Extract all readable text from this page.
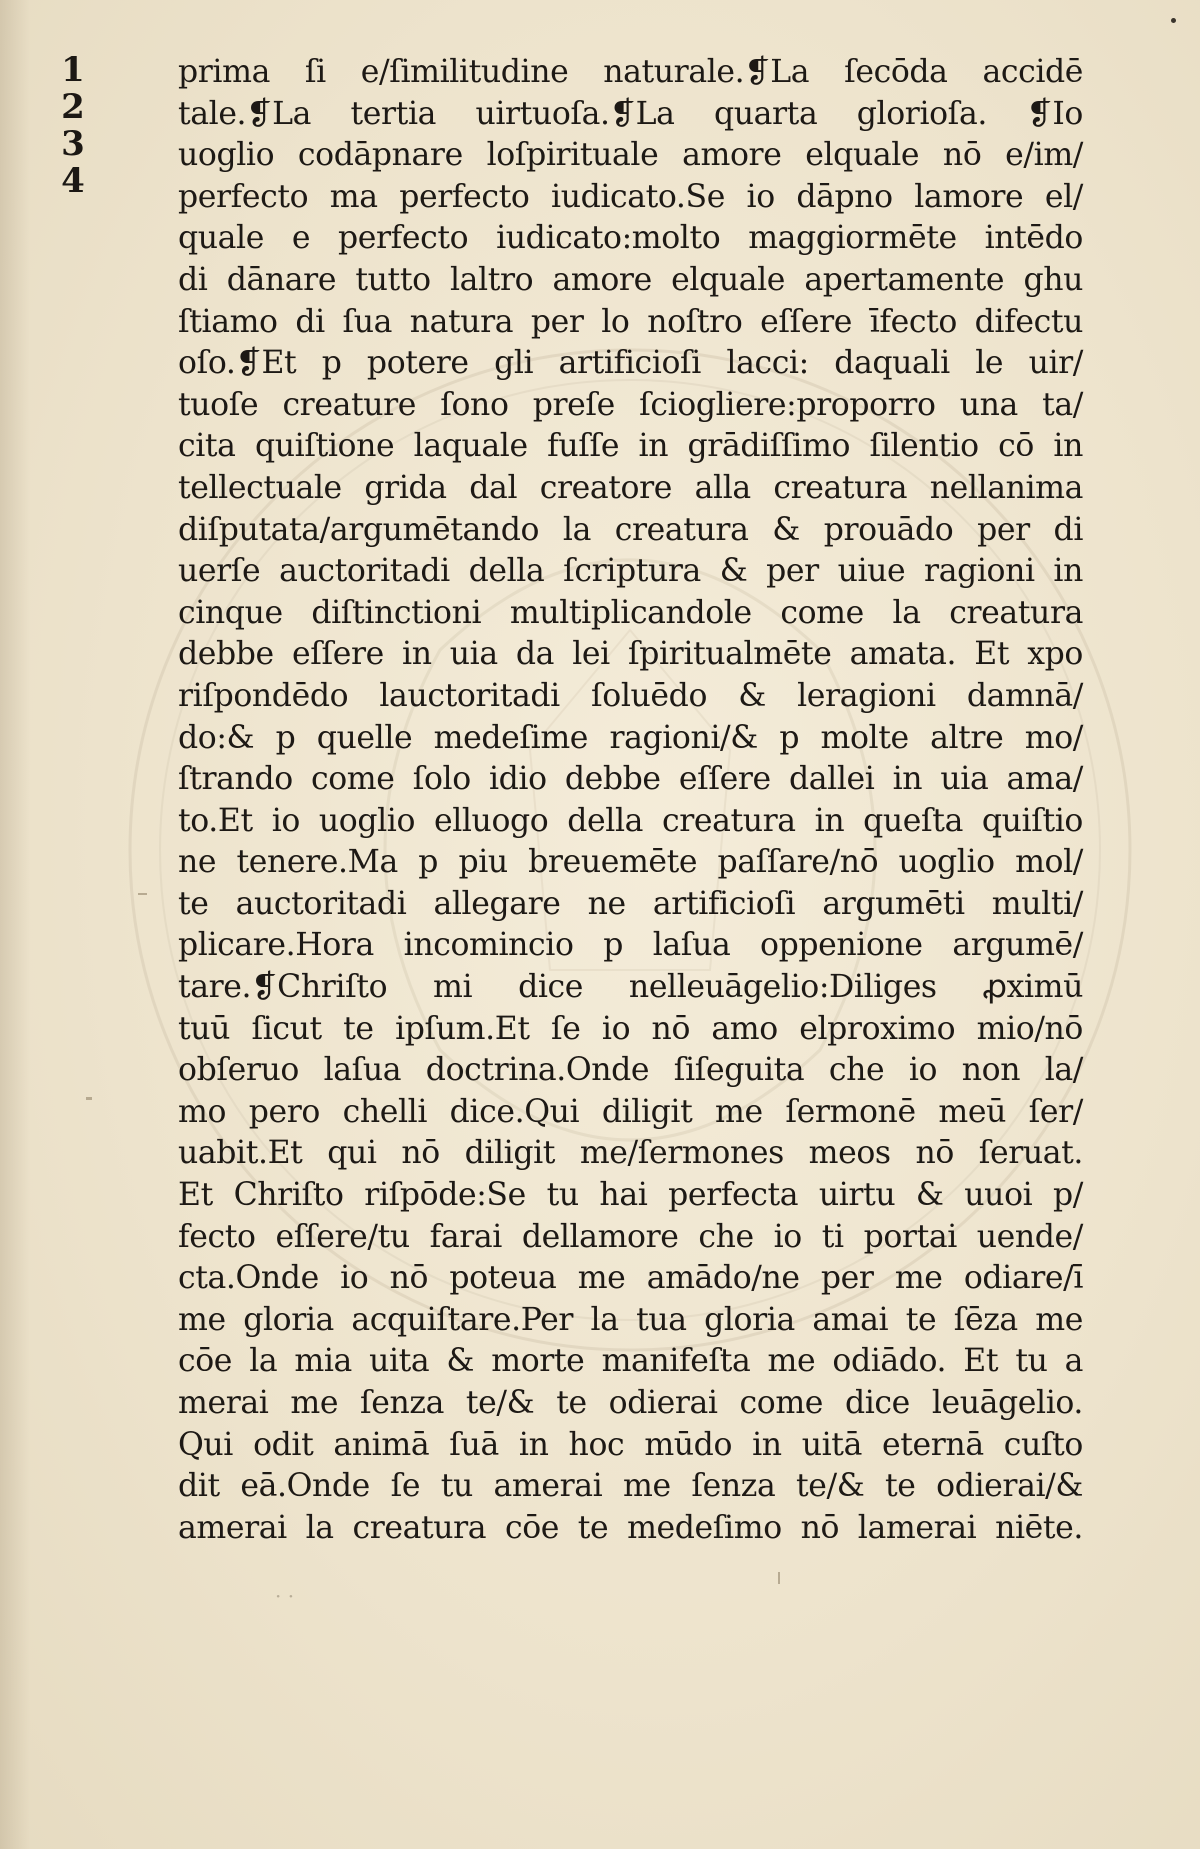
· ·
1
2
3
4
prima ſi e/ſimilitudine naturale.❡La ſecōda accidē
tale.❡La tertia uirtuoſa.❡La quarta glorioſa. ❡Io
uoglio codāpnare loſpirituale amore elquale nō e/im/
perfecto ma perfecto iudicato.Se io dāpno lamore el/
quale e perfecto iudicato:molto maggiormēte intēdo
di dānare tutto laltro amore elquale apertamente ghu
ſtiamo di ſua natura per lo noſtro eſſere īfecto difectu
oſo.❡Et p potere gli artificioſi lacci: daquali le uir/
tuoſe creature ſono preſe ſciogliere:proporro una ta/
cita quiſtione laquale fuſſe in grādiſſimo ſilentio cō in
tellectuale grida dal creatore alla creatura nellanima
diſputata/argumētando la creatura & prouādo per di
uerſe auctoritadi della ſcriptura & per uiue ragioni in
cinque diſtinctioni multiplicandole come la creatura
debbe eſſere in uia da lei ſpiritualmēte amata. Et xpo
riſpondēdo lauctoritadi ſoluēdo & leragioni damnā/
do:& p quelle medeſime ragioni/& p molte altre mo/
ſtrando come ſolo idio debbe eſſere dallei in uia ama/
to.Et io uoglio elluogo della creatura in queſta quiſtio
ne tenere.Ma p piu breuemēte paſſare/nō uoglio mol/
te auctoritadi allegare ne artificioſi argumēti multi/
plicare.Hora incomincio p laſua oppenione argumē/
tare.❡Chriſto mi dice nelleuāgelio:Diliges ꝓximū
tuū ſicut te ipſum.Et ſe io nō amo elproximo mio/nō
obſeruo laſua doctrina.Onde ſiſeguita che io non la/
mo pero chelli dice.Qui diligit me ſermonē meū ſer/
uabit.Et qui nō diligit me/ſermones meos nō ſeruat.
Et Chriſto riſpōde:Se tu hai perfecta uirtu & uuoi p/
fecto eſſere/tu farai dellamore che io ti portai uende/
cta.Onde io nō poteua me amādo/ne per me odiare/ī
me gloria acquiſtare.Per la tua gloria amai te ſēza me
cōe la mia uita & morte manifeſta me odiādo. Et tu a
merai me ſenza te/& te odierai come dice leuāgelio.
Qui odit animā ſuā in hoc mūdo in uitā eternā cuſto
dit eā.Onde ſe tu amerai me ſenza te/& te odierai/&
amerai la creatura cōe te medeſimo nō lamerai niēte.
